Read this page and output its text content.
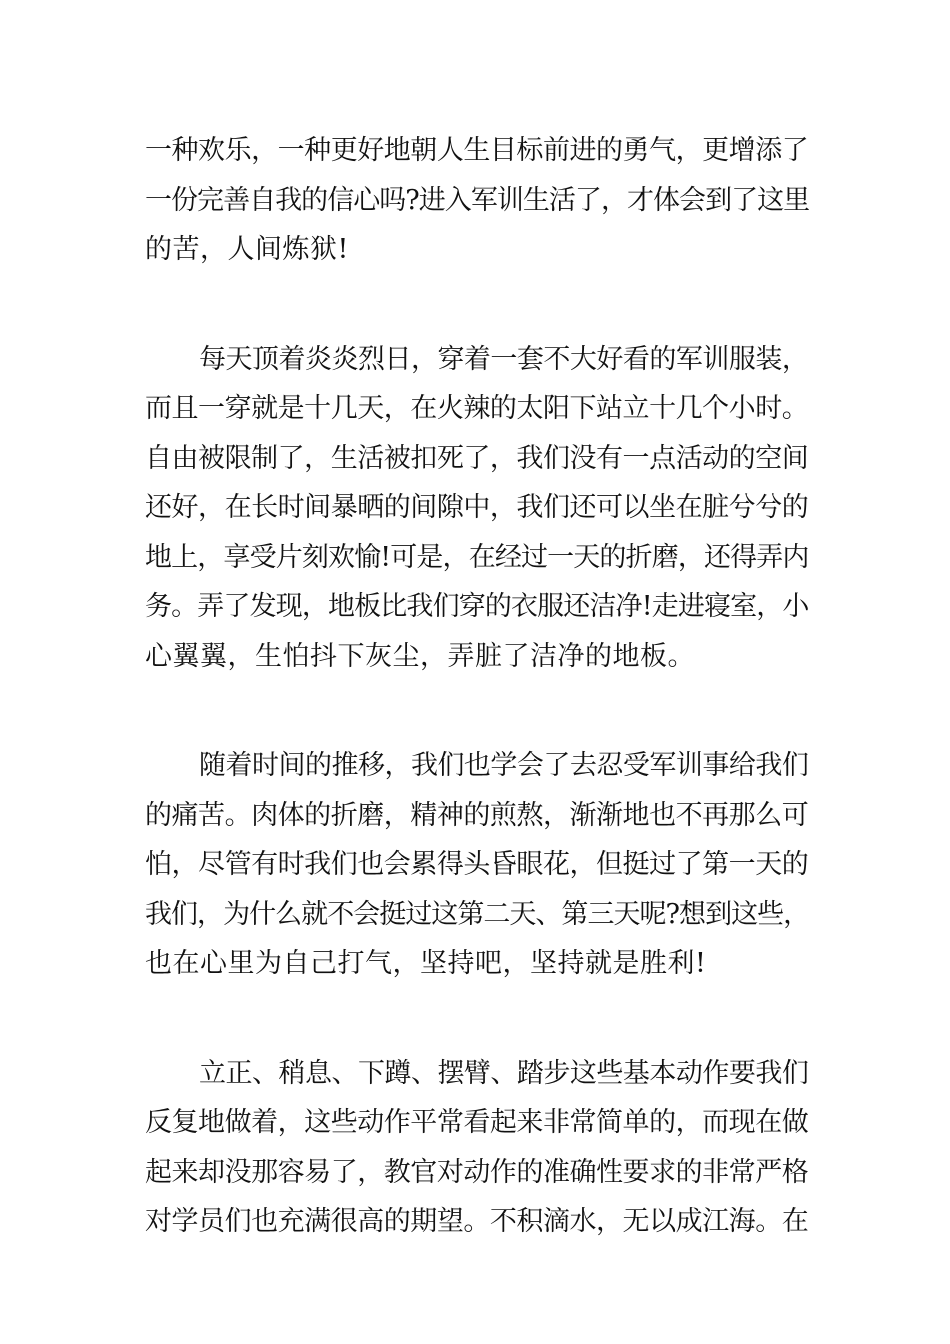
一种欢乐，一种更好地朝人生目标前进的勇气，更增添了
一份完善自我的信心吗?进入军训生活了，才体会到了这里
的苦，人间炼狱!

每天顶着炎炎烈日，穿着一套不大好看的军训服装，
而且一穿就是十几天，在火辣的太阳下站立十几个小时。
自由被限制了，生活被扣死了，我们没有一点活动的空间
还好，在长时间暴晒的间隙中，我们还可以坐在脏兮兮的
地上，享受片刻欢愉!可是，在经过一天的折磨，还得弄内
务。弄了发现，地板比我们穿的衣服还洁净!走进寝室，小
心翼翼，生怕抖下灰尘，弄脏了洁净的地板。

随着时间的推移，我们也学会了去忍受军训事给我们
的痛苦。肉体的折磨，精神的煎熬，渐渐地也不再那么可
怕，尽管有时我们也会累得头昏眼花，但挺过了第一天的
我们，为什么就不会挺过这第二天、第三天呢?想到这些，
也在心里为自己打气，坚持吧，坚持就是胜利!

立正、稍息、下蹲、摆臂、踏步这些基本动作要我们
反复地做着，这些动作平常看起来非常简单的，而现在做
起来却没那容易了，教官对动作的准确性要求的非常严格
对学员们也充满很高的期望。不积滴水，无以成江海。在
